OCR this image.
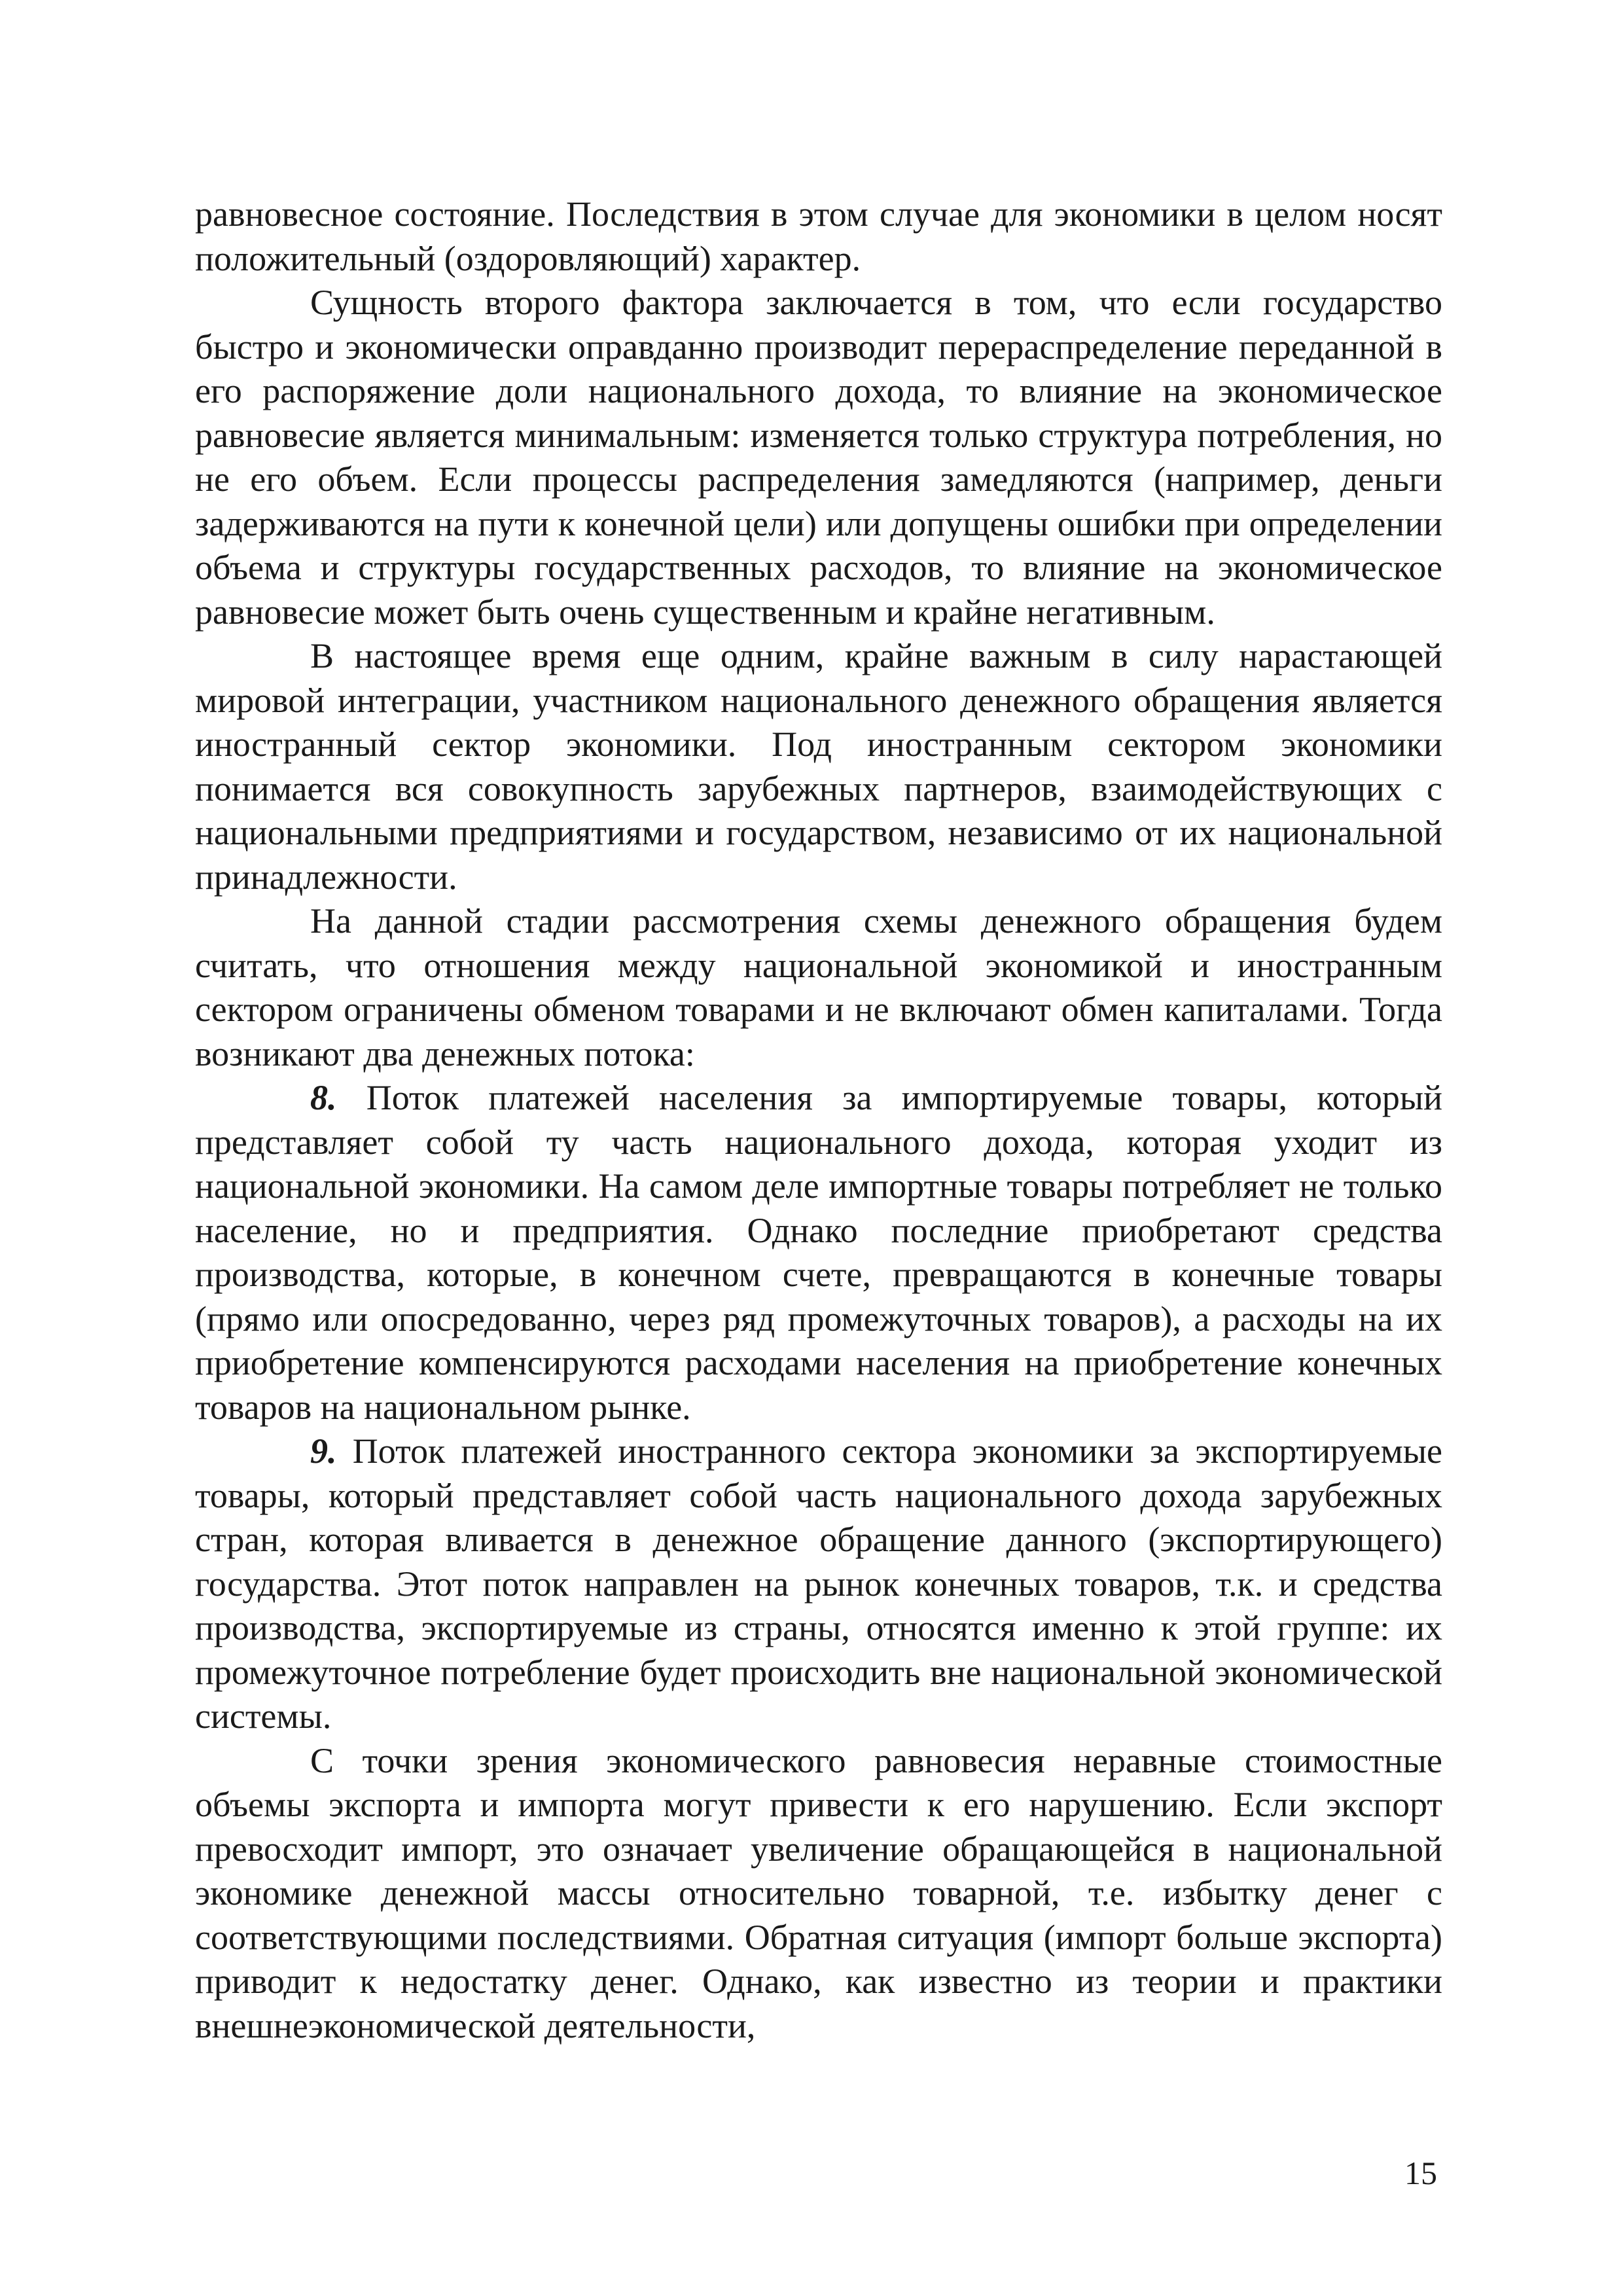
равновесное состояние. Последствия в этом случае для экономики в целом носят положительный (оздоровляющий) характер.

Сущность второго фактора заключается в том, что если государство быстро и экономически оправданно производит перераспределение переданной в его распоряжение доли национального дохода, то влияние на экономическое равновесие является минимальным: изменяется только структура потребления, но не его объем. Если процессы распределения замедляются (например, деньги задерживаются на пути к конечной цели) или допущены ошибки при определении объема и структуры государственных расходов, то влияние на экономическое равновесие может быть очень существенным и крайне негативным.

В настоящее время еще одним, крайне важным в силу нарастающей мировой интеграции, участником национального денежного обращения является иностранный сектор экономики. Под иностранным сектором экономики понимается вся совокупность зарубежных партнеров, взаимодействующих с национальными предприятиями и государством, независимо от их национальной принадлежности.

На данной стадии рассмотрения схемы денежного обращения будем считать, что отношения между национальной экономикой и иностранным сектором ограничены обменом товарами и не включают обмен капиталами. Тогда возникают два денежных потока:

8. Поток платежей населения за импортируемые товары, который представляет собой ту часть национального дохода, которая уходит из национальной экономики. На самом деле импортные товары потребляет не только население, но и предприятия. Однако последние приобретают средства производства, которые, в конечном счете, превращаются в конечные товары (прямо или опосредованно, через ряд промежуточных товаров), а расходы на их приобретение компенсируются расходами населения на приобретение конечных товаров на национальном рынке.

9. Поток платежей иностранного сектора экономики за экспортируемые товары, который представляет собой часть национального дохода зарубежных стран, которая вливается в денежное обращение данного (экспортирующего) государства. Этот поток направлен на рынок конечных товаров, т.к. и средства производства, экспортируемые из страны, относятся именно к этой группе: их промежуточное потребление будет происходить вне национальной экономической системы.

С точки зрения экономического равновесия неравные стоимостные объемы экспорта и импорта могут привести к его нарушению. Если экспорт превосходит импорт, это означает увеличение обращающейся в национальной экономике денежной массы относительно товарной, т.е. избытку денег с соответствующими последствиями. Обратная ситуация (импорт больше экспорта) приводит к недостатку денег. Однако, как известно из теории и практики внешнеэкономической деятельности,

15
